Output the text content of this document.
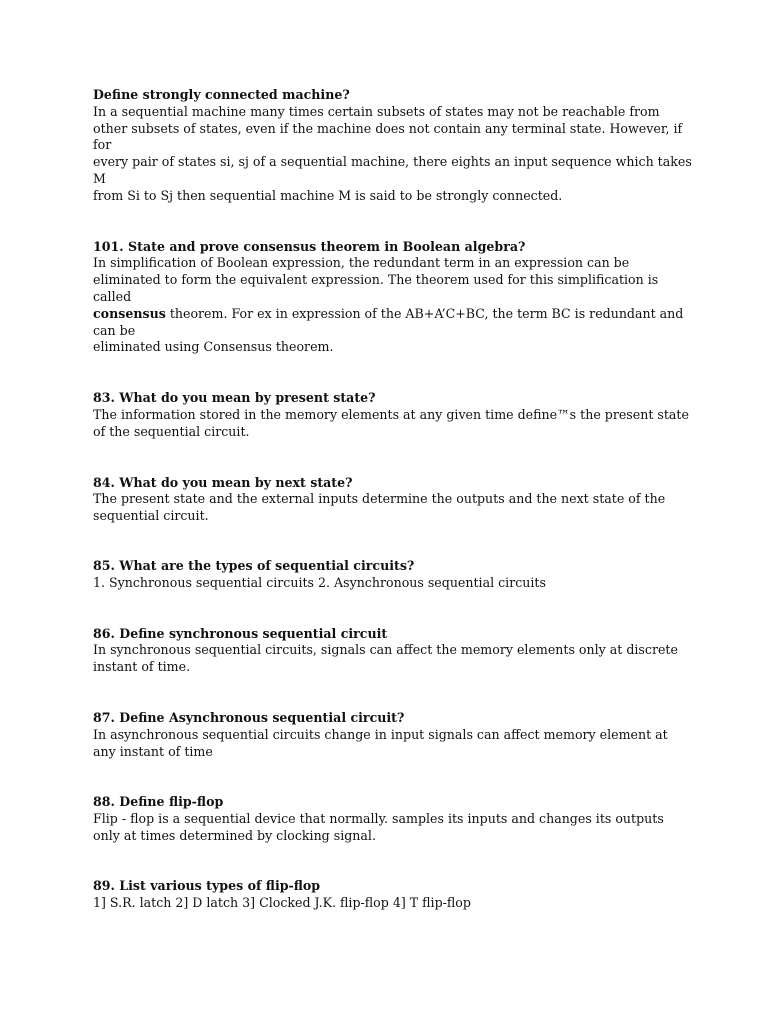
Define strongly connected machine?
In a sequential machine many times certain subsets of states may not be reachable from
other subsets of states, even if the machine does not contain any terminal state. However, if
for
every pair of states si, sj of a sequential machine, there eights an input sequence which takes
M
from Si to Sj then sequential machine M is said to be strongly connected.
101. State and prove consensus theorem in Boolean algebra?
In simplification of Boolean expression, the redundant term in an expression can be
eliminated to form the equivalent expression. The theorem used for this simplification is
called
consensus theorem. For ex in expression of the AB+A’C+BC, the term BC is redundant and
can be
eliminated using Consensus theorem.
83. What do you mean by present state?
The information stored in the memory elements at any given time define™s the present state
of the sequential circuit.
84. What do you mean by next state?
The present state and the external inputs determine the outputs and the next state of the
sequential circuit.
85. What are the types of sequential circuits?
1. Synchronous sequential circuits 2. Asynchronous sequential circuits
86. Define synchronous sequential circuit
In synchronous sequential circuits, signals can affect the memory elements only at discrete
instant of time.
87. Define Asynchronous sequential circuit?
In asynchronous sequential circuits change in input signals can affect memory element at
any instant of time
88. Define flip-flop
Flip - flop is a sequential device that normally. samples its inputs and changes its outputs
only at times determined by clocking signal.
89. List various types of flip-flop
1] S.R. latch 2] D latch 3] Clocked J.K. flip-flop 4] T flip-flop
